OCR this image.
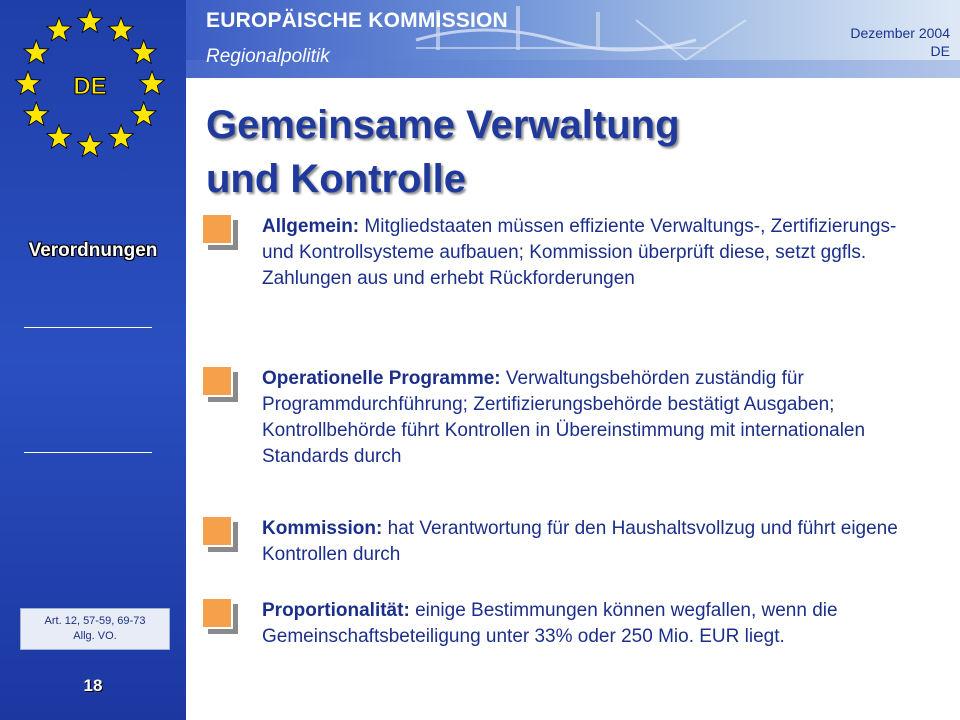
DE
Verordnungen
Art. 12, 57-59, 69-73
Allg. VO.
18
EUROPÄISCHE KOMMISSION
Regionalpolitik
Dezember 2004
DE
Gemeinsame Verwaltung
und Kontrolle
Allgemein: Mitgliedstaaten müssen effiziente Verwaltungs-, Zertifizierungs- und Kontrollsysteme aufbauen; Kommission überprüft diese, setzt ggfls. Zahlungen aus und erhebt Rückforderungen
Operationelle Programme: Verwaltungsbehörden zuständig für Programmdurchführung; Zertifizierungsbehörde bestätigt Ausgaben; Kontrollbehörde führt Kontrollen in Übereinstimmung mit internationalen Standards durch
Kommission: hat Verantwortung für den Haushaltsvollzug und führt eigene Kontrollen durch
Proportionalität: einige Bestimmungen können wegfallen, wenn die Gemeinschaftsbeteiligung unter 33% oder 250 Mio. EUR liegt.
